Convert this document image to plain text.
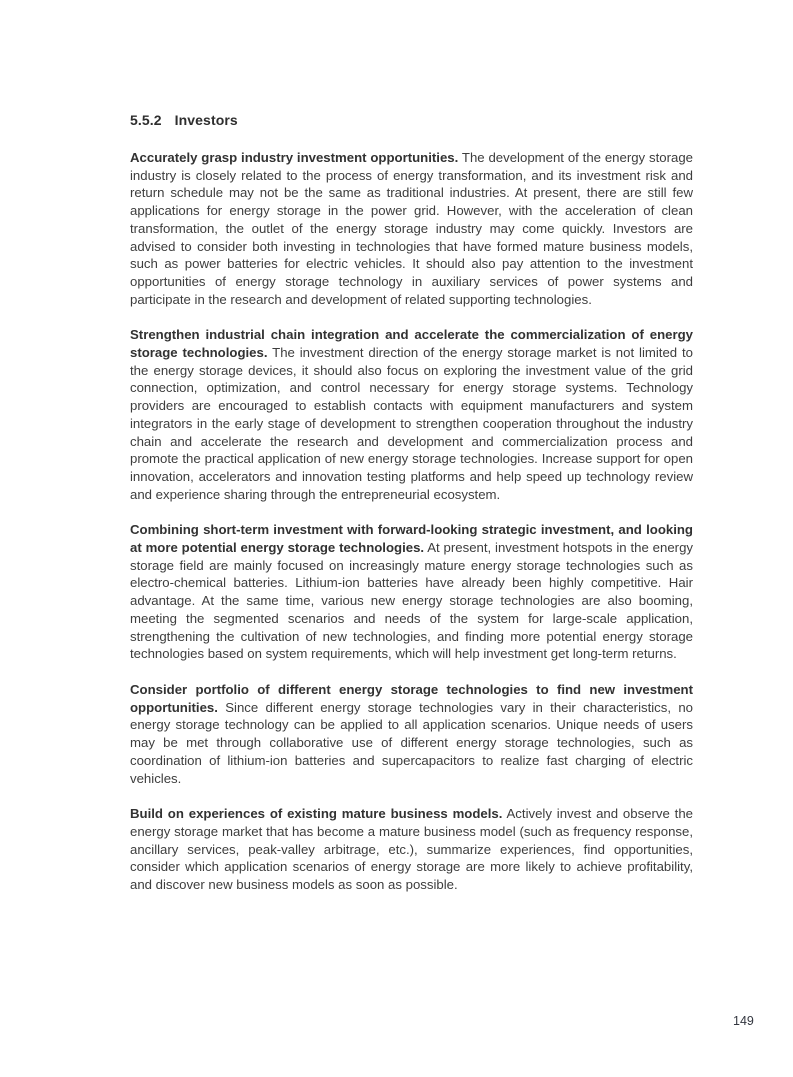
5.5.2 Investors

Accurately grasp industry investment opportunities. The development of the energy storage industry is closely related to the process of energy transformation, and its investment risk and return schedule may not be the same as traditional industries. At present, there are still few applications for energy storage in the power grid. However, with the acceleration of clean transformation, the outlet of the energy storage industry may come quickly. Investors are advised to consider both investing in technologies that have formed mature business models, such as power batteries for electric vehicles. It should also pay attention to the investment opportunities of energy storage technology in auxiliary services of power systems and participate in the research and development of related supporting technologies.

Strengthen industrial chain integration and accelerate the commercialization of energy storage technologies. The investment direction of the energy storage market is not limited to the energy storage devices, it should also focus on exploring the investment value of the grid connection, optimization, and control necessary for energy storage systems. Technology providers are encouraged to establish contacts with equipment manufacturers and system integrators in the early stage of development to strengthen cooperation throughout the industry chain and accelerate the research and development and commercialization process and promote the practical application of new energy storage technologies. Increase support for open innovation, accelerators and innovation testing platforms and help speed up technology review and experience sharing through the entrepreneurial ecosystem.

Combining short-term investment with forward-looking strategic investment, and looking at more potential energy storage technologies. At present, investment hotspots in the energy storage field are mainly focused on increasingly mature energy storage technologies such as electro-chemical batteries. Lithium-ion batteries have already been highly competitive. Hair advantage. At the same time, various new energy storage technologies are also booming, meeting the segmented scenarios and needs of the system for large-scale application, strengthening the cultivation of new technologies, and finding more potential energy storage technologies based on system requirements, which will help investment get long-term returns.

Consider portfolio of different energy storage technologies to find new investment opportunities. Since different energy storage technologies vary in their characteristics, no energy storage technology can be applied to all application scenarios. Unique needs of users may be met through collaborative use of different energy storage technologies, such as coordination of lithium-ion batteries and supercapacitors to realize fast charging of electric vehicles.

Build on experiences of existing mature business models. Actively invest and observe the energy storage market that has become a mature business model (such as frequency response, ancillary services, peak-valley arbitrage, etc.), summarize experiences, find opportunities, consider which application scenarios of energy storage are more likely to achieve profitability, and discover new business models as soon as possible.

149
